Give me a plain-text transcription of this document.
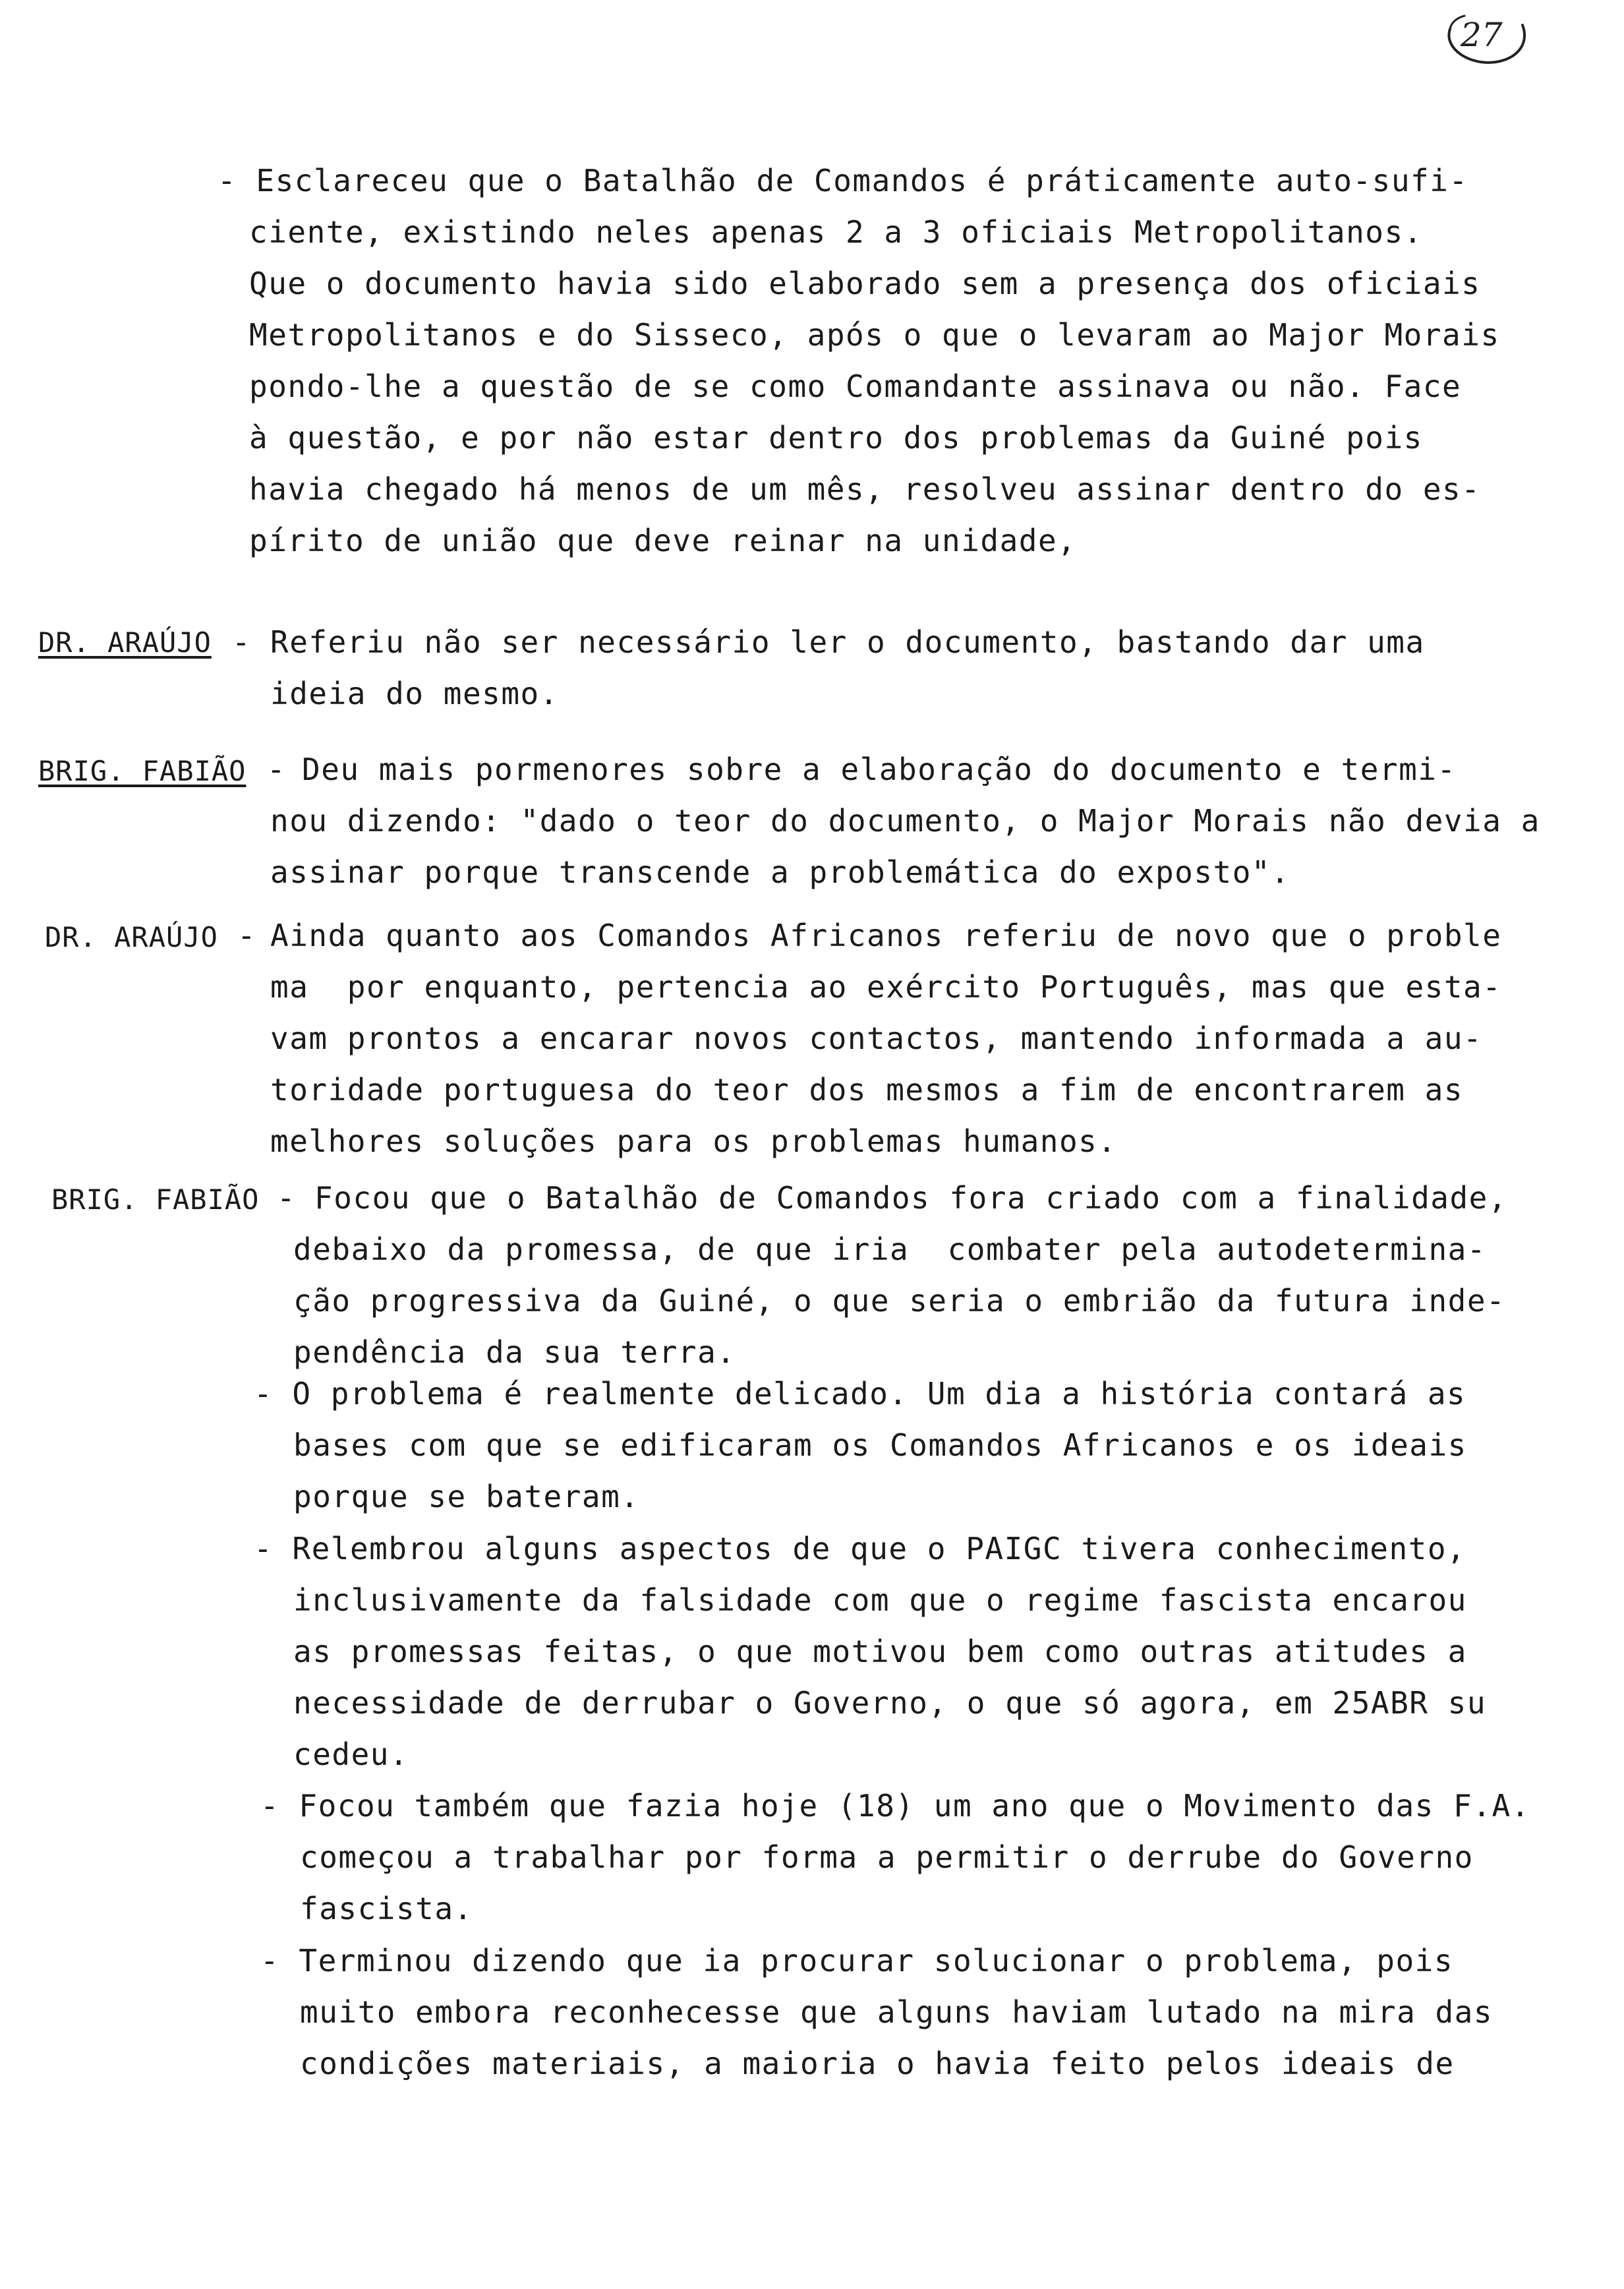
27
- Esclareceu que o Batalhão de Comandos é práticamente auto-sufi-
ciente, existindo neles apenas 2 a 3 oficiais Metropolitanos.
Que o documento havia sido elaborado sem a presença dos oficiais
Metropolitanos e do Sisseco, após o que o levaram ao Major Morais
pondo-lhe a questão de se como Comandante assinava ou não. Face
à questão, e por não estar dentro dos problemas da Guiné pois
havia chegado há menos de um mês, resolveu assinar dentro do es-
pírito de união que deve reinar na unidade,
DR. ARAÚJO - Referiu não ser necessário ler o documento, bastando dar uma
ideia do mesmo.
BRIG. FABIÃO - Deu mais pormenores sobre a elaboração do documento e termi-
nou dizendo: "dado o teor do documento, o Major Morais não devia a
assinar porque transcende a problemática do exposto".
DR. ARAÚJO - Ainda quanto aos Comandos Africanos referiu de novo que o proble
ma  por enquanto, pertencia ao exército Português, mas que esta-
vam prontos a encarar novos contactos, mantendo informada a au-
toridade portuguesa do teor dos mesmos a fim de encontrarem as
melhores soluções para os problemas humanos.
BRIG. FABIÃO - Focou que o Batalhão de Comandos fora criado com a finalidade,
debaixo da promessa, de que iria  combater pela autodetermina-
ção progressiva da Guiné, o que seria o embrião da futura inde-
pendência da sua terra.
- O problema é realmente delicado. Um dia a história contará as
bases com que se edificaram os Comandos Africanos e os ideais
porque se bateram.
- Relembrou alguns aspectos de que o PAIGC tivera conhecimento,
inclusivamente da falsidade com que o regime fascista encarou
as promessas feitas, o que motivou bem como outras atitudes a
necessidade de derrubar o Governo, o que só agora, em 25ABR su
cedeu.
- Focou também que fazia hoje (18) um ano que o Movimento das F.A.
começou a trabalhar por forma a permitir o derrube do Governo
fascista.
- Terminou dizendo que ia procurar solucionar o problema, pois
muito embora reconhecesse que alguns haviam lutado na mira das
condições materiais, a maioria o havia feito pelos ideais de
